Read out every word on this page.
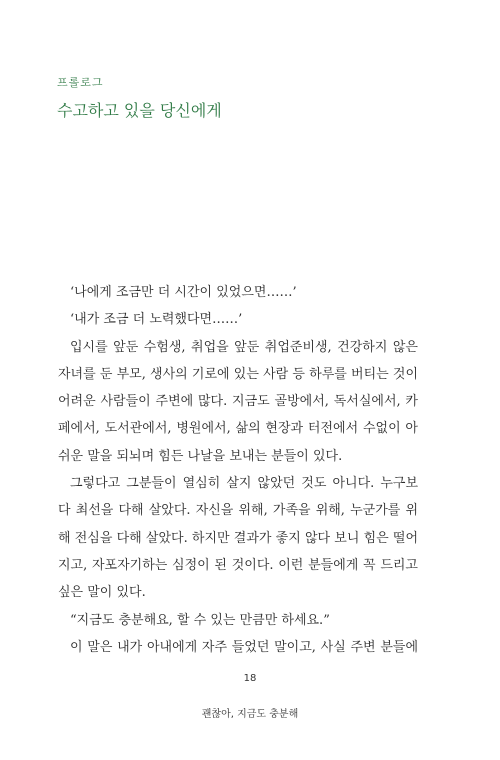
프롤로그
수고하고 있을 당신에게
‘나에게 조금만 더 시간이 있었으면……’
‘내가 조금 더 노력했다면……’
입시를 앞둔 수험생, 취업을 앞둔 취업준비생, 건강하지 않은
자녀를 둔 부모, 생사의 기로에 있는 사람 등 하루를 버티는 것이
어려운 사람들이 주변에 많다. 지금도 골방에서, 독서실에서, 카
페에서, 도서관에서, 병원에서, 삶의 현장과 터전에서 수없이 아
쉬운 말을 되뇌며 힘든 나날을 보내는 분들이 있다.
그렇다고 그분들이 열심히 살지 않았던 것도 아니다. 누구보
다 최선을 다해 살았다. 자신을 위해, 가족을 위해, 누군가를 위
해 전심을 다해 살았다. 하지만 결과가 좋지 않다 보니 힘은 떨어
지고, 자포자기하는 심정이 된 것이다. 이런 분들에게 꼭 드리고
싶은 말이 있다.
“지금도 충분해요, 할 수 있는 만큼만 하세요.”
이 말은 내가 아내에게 자주 들었던 말이고, 사실 주변 분들에
18
괜찮아, 지금도 충분해
